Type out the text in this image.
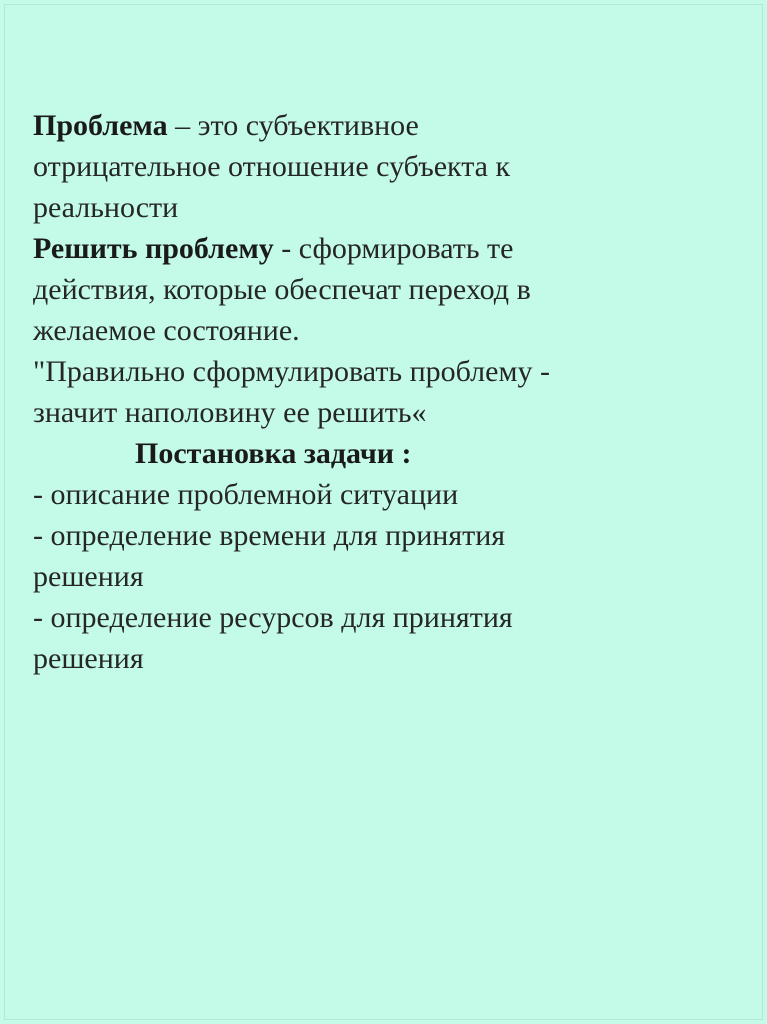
Проблема – это субъективное
отрицательное отношение субъекта к
реальности
Решить проблему - сформировать те
действия, которые обеспечат переход в
желаемое состояние.
"Правильно сформулировать проблему -
значит наполовину ее решить«
Постановка задачи :
- описание проблемной ситуации
- определение времени для принятия
решения
- определение ресурсов для принятия
решения
